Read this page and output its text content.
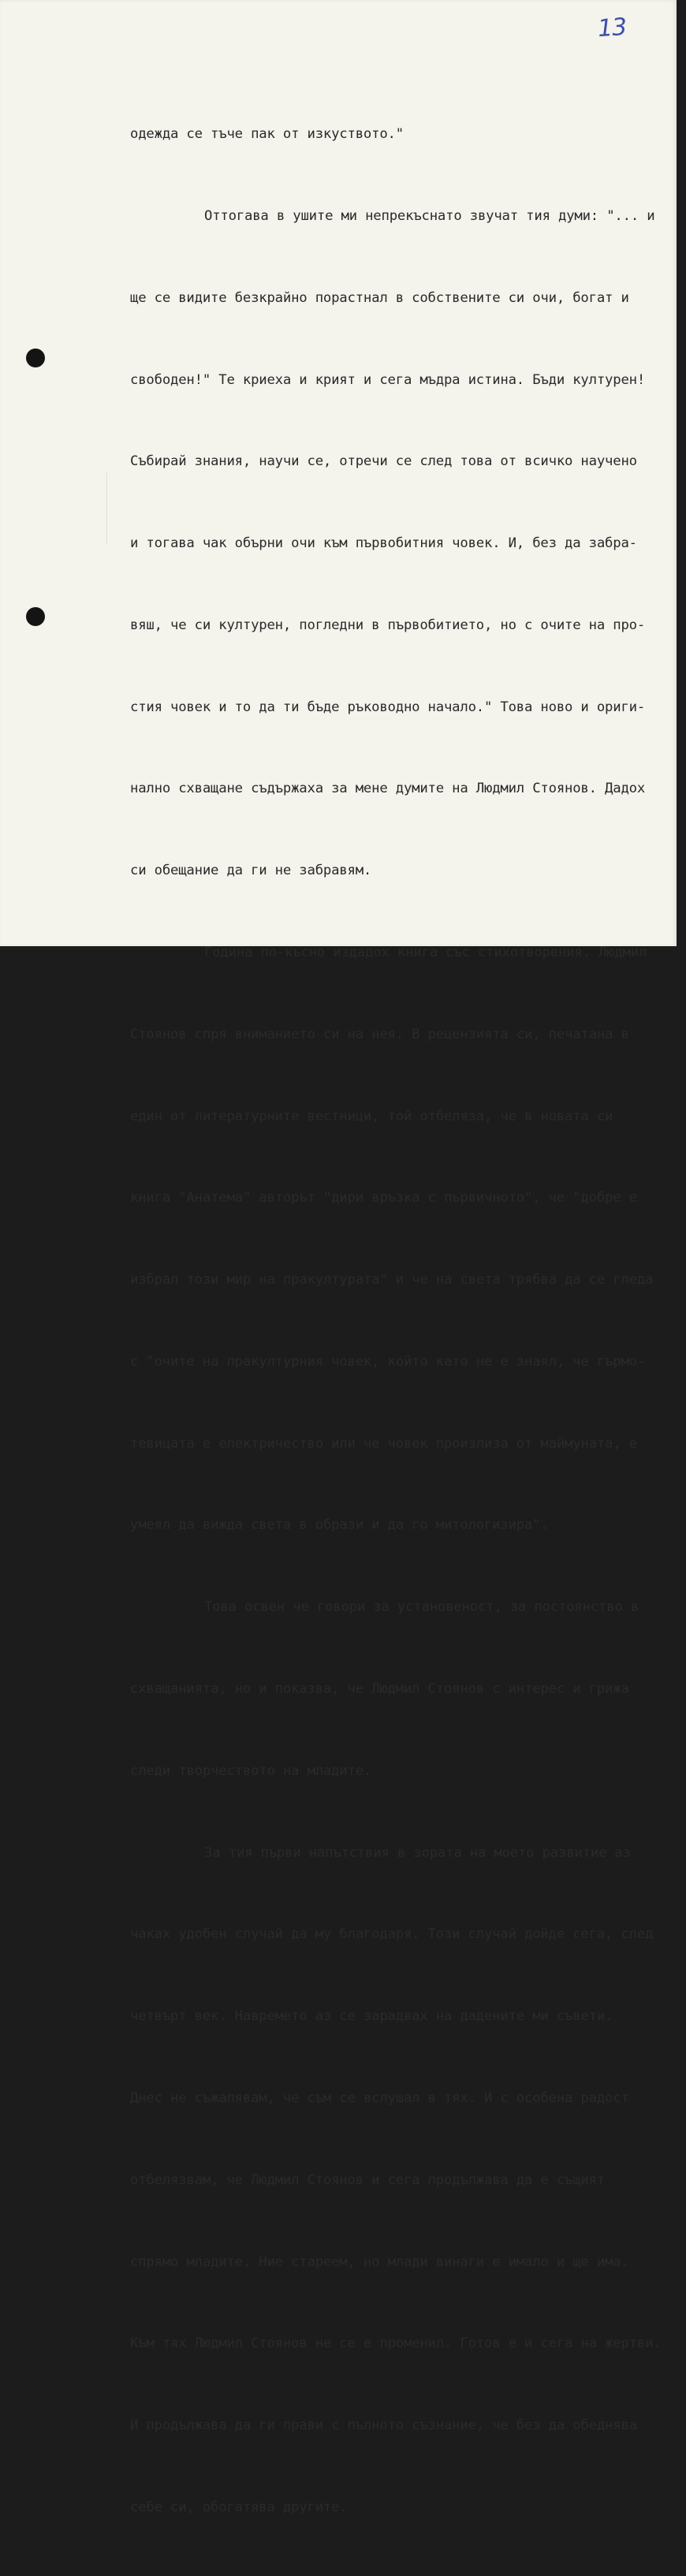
13

одежда се тъче пак от изкуството."

Оттогава в ушите ми непрекъснато звучат тия думи: "... и

ще се видите безкрайно порастнал в собствените си очи, богат и

свободен!" Те криеха и крият и сега мъдра истина. Бъди културен!

Събирай знания, научи се, отречи се след това от всичко научено

и тогава чак обърни очи към първобитния човек. И, без да забра-

вяш, че си културен, погледни в първобитието, но с очите на про-

стия човек и то да ти бъде ръководно начало." Това ново и ориги-

нално схващане съдържаха за мене думите на Людмил Стоянов. Дадох

си обещание да ги не забравям.

Година по-късно издадох книга със стихотворения. Людмил

Стоянов спря вниманието си на нея. В рецензията си, печатана в

един от литературните вестници, той отбеляза, че в новата си

книга "Анатема" авторът "дири връзка с първичното", че "добре е

избрал този мир на пракултурата" и че на света трябва да се гледа

с "очите на пракултурния човек, който като не е знаял, че гърмо-

тевицата е електричество или че човек произлиза от маймуната, е

умеял да вижда света в образи и да го митологизира".

Това освен че говори за установеност, за постоянство в

схващанията, но и показва, че Людмил Стоянов с интерес и грижа

следи творчеството на младите.

За тия първи напътствия в зората на моето развитие аз

чаках удобен случай да му благодаря. Този случай дойде сега, след

четвърт век. Навремето аз се зарадвах на дадените ми съвети.

Днес не съжалявам, че съм се вслушал в тях. И с особена радост

отбелязвам, че Людмил Стоянов и сега продължава да е същият

спрямо младите. Ние стареем, но млади винаги е имало и ще има.

Към тях Людмил Стоянов не се е променил. Готов е и сега на жертви.

И продължава да ги прави с пълното съзнание, че без да обеднява

себе си, обогатява другите.
